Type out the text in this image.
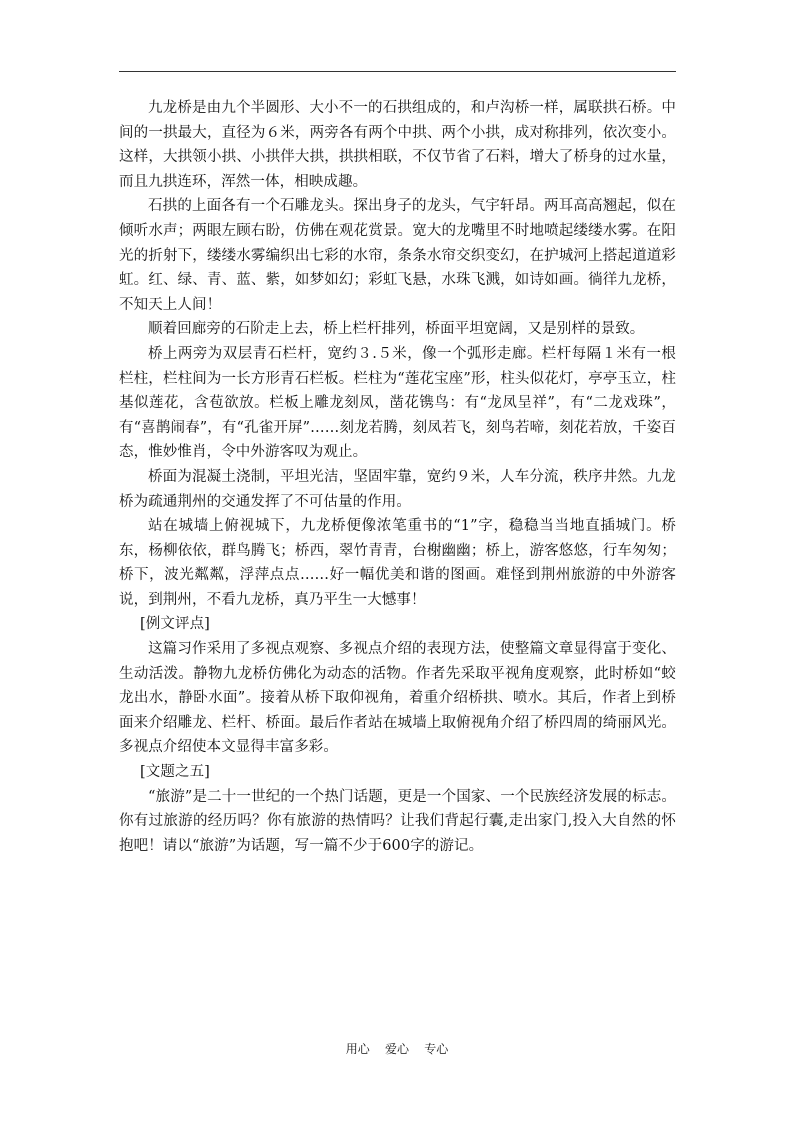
九龙桥是由九个半圆形、大小不一的石拱组成的，和卢沟桥一样，属联拱石桥。中间的一拱最大，直径为６米，两旁各有两个中拱、两个小拱，成对称排列，依次变小。这样，大拱领小拱、小拱伴大拱，拱拱相联，不仅节省了石料，增大了桥身的过水量，而且九拱连环，浑然一体，相映成趣。

石拱的上面各有一个石雕龙头。探出身子的龙头，气宇轩昂。两耳高高翘起，似在倾听水声；两眼左顾右盼，仿佛在观花赏景。宽大的龙嘴里不时地喷起缕缕水雾。在阳光的折射下，缕缕水雾编织出七彩的水帘，条条水帘交织变幻，在护城河上搭起道道彩虹。红、绿、青、蓝、紫，如梦如幻；彩虹飞悬，水珠飞溅，如诗如画。徜徉九龙桥，不知天上人间！

顺着回廊旁的石阶走上去，桥上栏杆排列，桥面平坦宽阔，又是别样的景致。

桥上两旁为双层青石栏杆，宽约３.５米，像一个弧形走廊。栏杆每隔１米有一根栏柱，栏柱间为一长方形青石栏板。栏柱为“莲花宝座”形，柱头似花灯，亭亭玉立，柱基似莲花，含苞欲放。栏板上雕龙刻凤，凿花镌鸟：有“龙凤呈祥”，有“二龙戏珠”，有“喜鹊闹春”，有“孔雀开屏”……刻龙若腾，刻凤若飞，刻鸟若啼，刻花若放，千姿百态，惟妙惟肖，令中外游客叹为观止。

桥面为混凝土浇制，平坦光洁，坚固牢靠，宽约９米，人车分流，秩序井然。九龙桥为疏通荆州的交通发挥了不可估量的作用。

站在城墙上俯视城下，九龙桥便像浓笔重书的“1”字，稳稳当当地直插城门。桥东，杨柳依依，群鸟腾飞；桥西，翠竹青青，台榭幽幽；桥上，游客悠悠，行车匆匆；桥下，波光粼粼，浮萍点点……好一幅优美和谐的图画。难怪到荆州旅游的中外游客说，到荆州，不看九龙桥，真乃平生一大憾事！

[例文评点]

这篇习作采用了多视点观察、多视点介绍的表现方法，使整篇文章显得富于变化、生动活泼。静物九龙桥仿佛化为动态的活物。作者先采取平视角度观察，此时桥如“蛟龙出水，静卧水面”。接着从桥下取仰视角，着重介绍桥拱、喷水。其后，作者上到桥面来介绍雕龙、栏杆、桥面。最后作者站在城墙上取俯视角介绍了桥四周的绮丽风光。多视点介绍使本文显得丰富多彩。

[文题之五]

“旅游”是二十一世纪的一个热门话题，更是一个国家、一个民族经济发展的标志。你有过旅游的经历吗？你有旅游的热情吗？让我们背起行囊,走出家门,投入大自然的怀抱吧！请以“旅游”为话题，写一篇不少于600字的游记。

用心    爱心    专心
